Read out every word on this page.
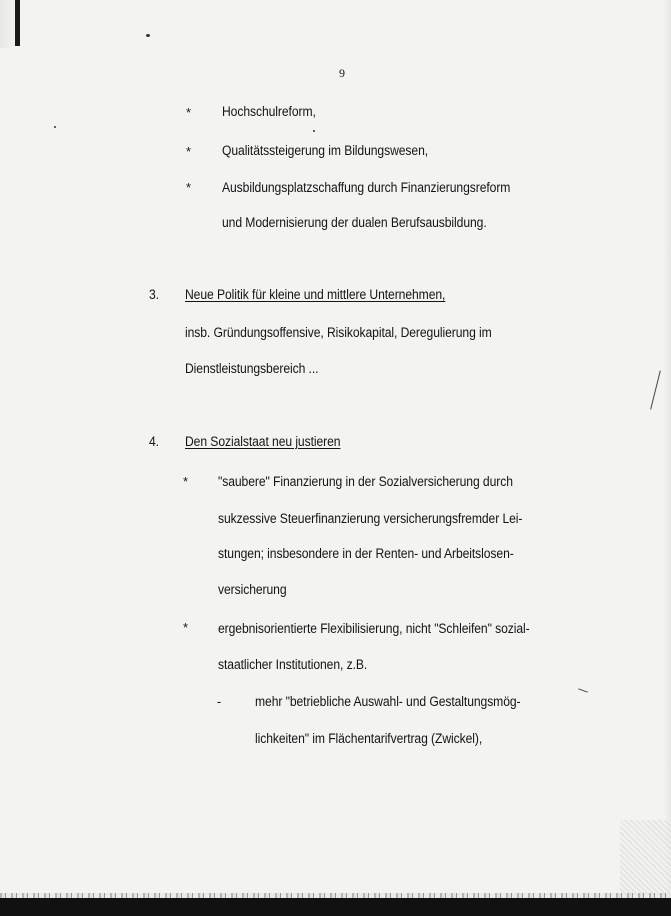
9
* Hochschulreform,
* Qualitätssteigerung im Bildungswesen,
* Ausbildungsplatzschaffung durch Finanzierungsreform
und Modernisierung der dualen Berufsausbildung.
3. Neue Politik für kleine und mittlere Unternehmen,
insb. Gründungsoffensive, Risikokapital, Deregulierung im
Dienstleistungsbereich ...
4. Den Sozialstaat neu justieren
* "saubere" Finanzierung in der Sozialversicherung durch
sukzessive Steuerfinanzierung versicherungsfremder Lei-
stungen; insbesondere in der Renten- und Arbeitslosen-
versicherung
* ergebnisorientierte Flexibilisierung, nicht "Schleifen" sozial-
staatlicher Institutionen, z.B.
-	mehr "betriebliche Auswahl- und Gestaltungsmög-
lichkeiten" im Flächentarifvertrag (Zwickel),
